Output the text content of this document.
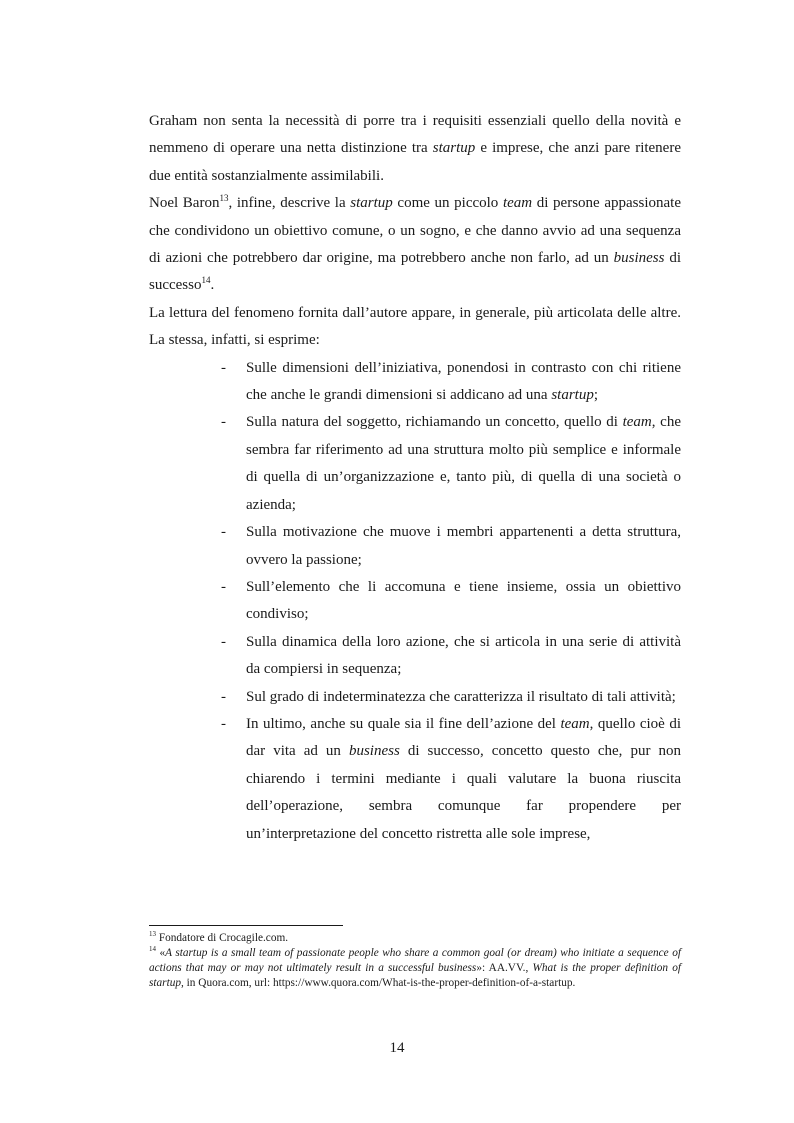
Graham non senta la necessità di porre tra i requisiti essenziali quello della novità e nemmeno di operare una netta distinzione tra startup e imprese, che anzi pare ritenere due entità sostanzialmente assimilabili.

Noel Baron$^{13}$, infine, descrive la startup come un piccolo team di persone appassionate che condividono un obiettivo comune, o un sogno, e che danno avvio ad una sequenza di azioni che potrebbero dar origine, ma potrebbero anche non farlo, ad un business di successo$^{14}$.

La lettura del fenomeno fornita dall’autore appare, in generale, più articolata delle altre. La stessa, infatti, si esprime:

- Sulle dimensioni dell’iniziativa, ponendosi in contrasto con chi ritiene che anche le grandi dimensioni si addicano ad una startup;
- Sulla natura del soggetto, richiamando un concetto, quello di team, che sembra far riferimento ad una struttura molto più semplice e informale di quella di un’organizzazione e, tanto più, di quella di una società o azienda;
- Sulla motivazione che muove i membri appartenenti a detta struttura, ovvero la passione;
- Sull’elemento che li accomuna e tiene insieme, ossia un obiettivo condiviso;
- Sulla dinamica della loro azione, che si articola in una serie di attività da compiersi in sequenza;
- Sul grado di indeterminatezza che caratterizza il risultato di tali attività;
- In ultimo, anche su quale sia il fine dell’azione del team, quello cioè di dar vita ad un business di successo, concetto questo che, pur non chiarendo i termini mediante i quali valutare la buona riuscita dell’operazione, sembra comunque far propendere per un’interpretazione del concetto ristretta alle sole imprese,

$^{13}$ Fondatore di Crocagile.com.

$^{14}$ «A startup is a small team of passionate people who share a common goal (or dream) who initiate a sequence of actions that may or may not ultimately result in a successful business»: AA.VV., What is the proper definition of startup, in Quora.com, url: https://www.quora.com/What-is-the-proper-definition-of-a-startup.

14
